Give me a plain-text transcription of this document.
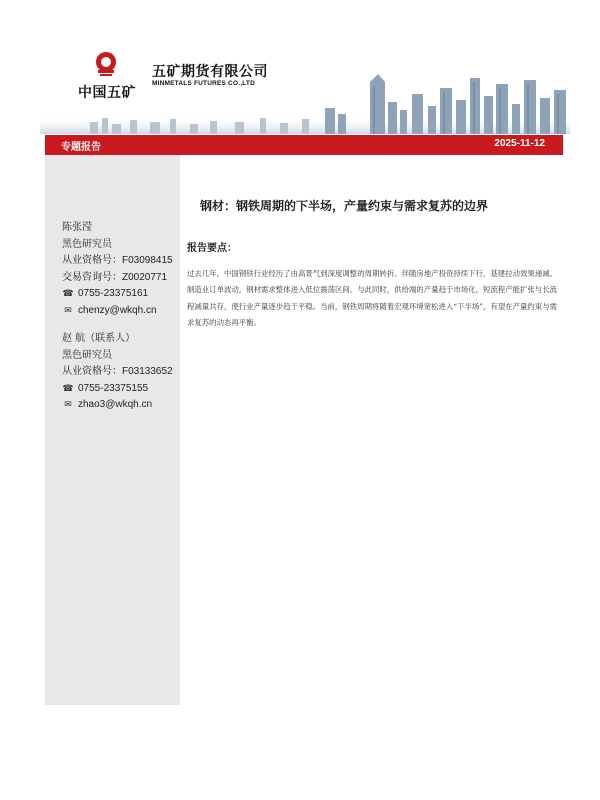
中国五矿
五矿期货有限公司
MINMETALS FUTURES CO.,LTD
专题报告	2025-11-12
陈张滢
黑色研究员
从业资格号：F03098415
交易咨询号：Z0020771
☎ 0755-23375161
✉ chenzy@wkqh.cn
赵 航（联系人）
黑色研究员
从业资格号：F03133652
☎ 0755-23375155
✉ zhao3@wkqh.cn
钢材：钢铁周期的下半场，产量约束与需求复苏的边界
报告要点：
过去几年，中国钢铁行业经历了由高景气到深度调整的周期转折。伴随房地产投资持续下行、基建拉动效果递减、制造业订单波动，钢材需求整体进入低位震荡区间。与此同时，供给端的产量趋于市场化，短流程产能扩张与长流程减量共存，使行业产量逐步趋于平稳。当前，钢铁周期将随着宏观环境宽松进入“下半场”，有望在产量约束与需求复苏的动态再平衡。
